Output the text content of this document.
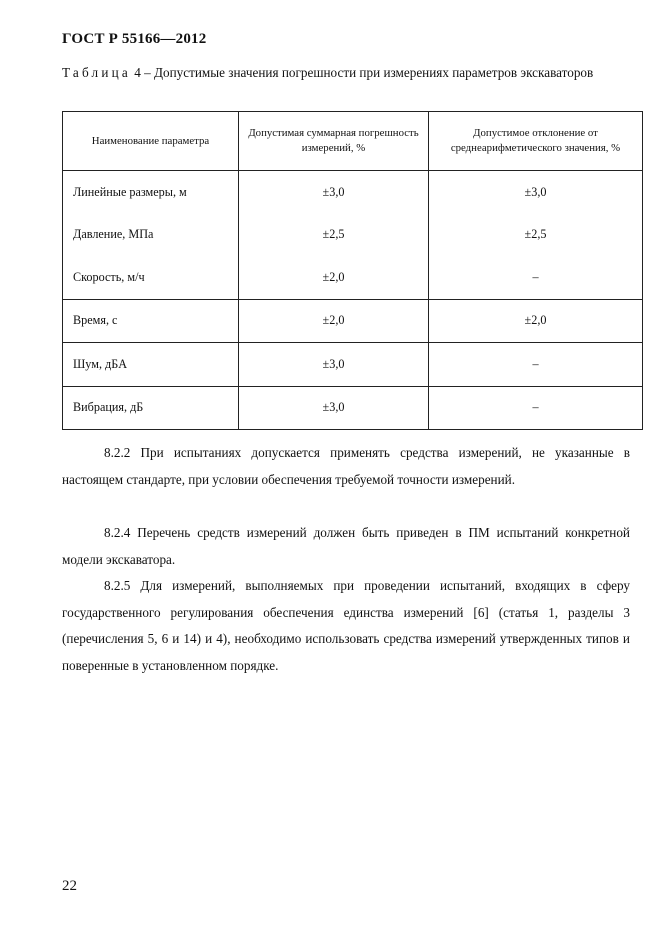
ГОСТ Р 55166—2012
Таблица 4 – Допустимые значения погрешности при измерениях параметров экскаваторов
Наименование параметра	Допустимая суммарная погрешность измерений, %	Допустимое отклонение от среднеарифметического значения, %
Линейные размеры, м	±3,0	±3,0
Давление, МПа	±2,5	±2,5
Скорость, м/ч	±2,0	–
Время, с	±2,0	±2,0
Шум, дБA	±3,0	–
Вибрация, дБ	±3,0	–
8.2.2 При испытаниях допускается применять средства измерений, не указанные в настоящем стандарте, при условии обеспечения требуемой точности измерений.
8.2.4 Перечень средств измерений должен быть приведен в ПМ испытаний конкретной модели экскаватора.
8.2.5 Для измерений, выполняемых при проведении испытаний, входящих в сферу государственного регулирования обеспечения единства измерений [6] (статья 1, разделы 3 (перечисления 5, 6 и 14) и 4), необходимо использовать средства измерений утвержденных типов и поверенные в установленном порядке.
22
